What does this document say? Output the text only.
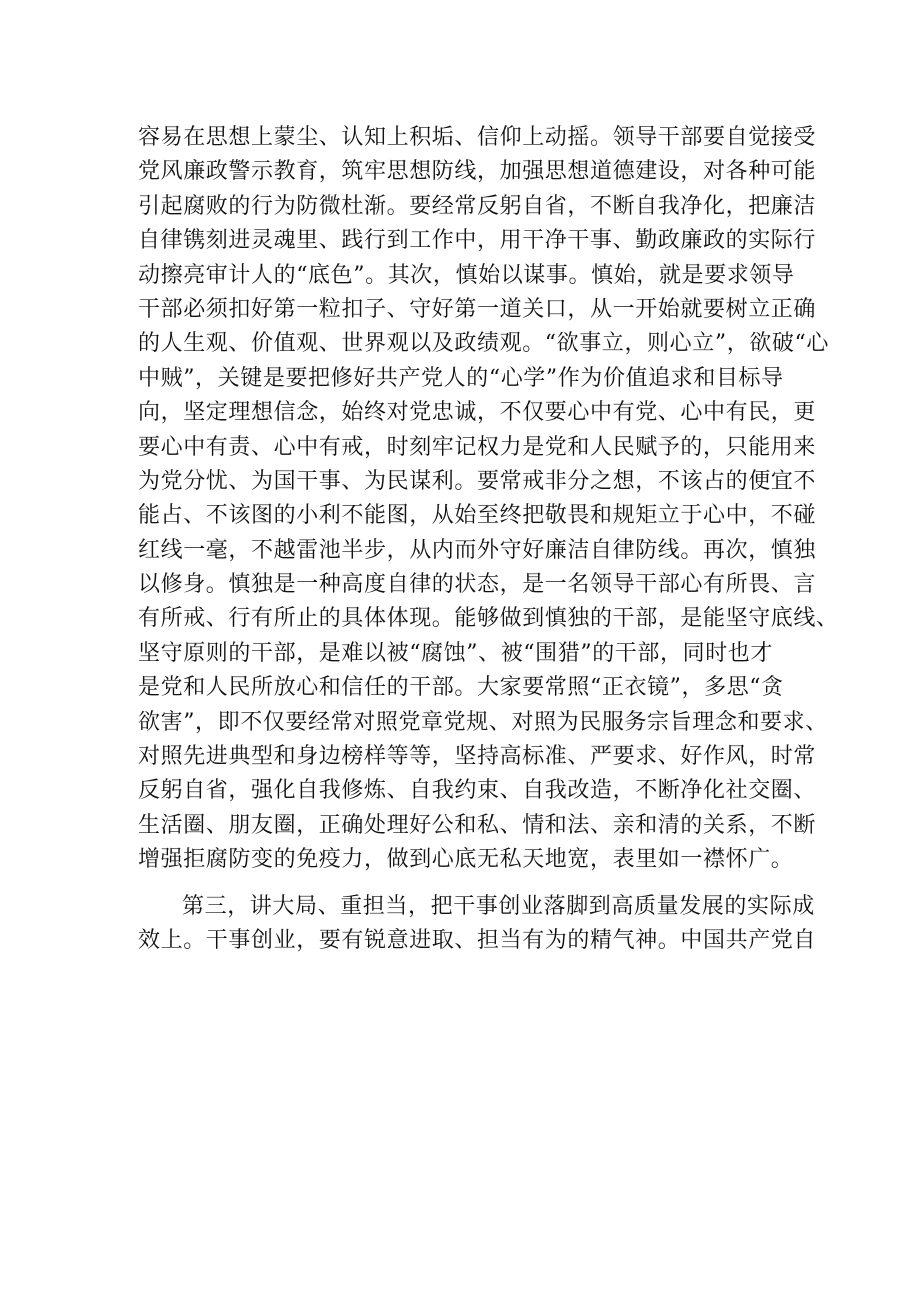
容易在思想上蒙尘、认知上积垢、信仰上动摇。领导干部要自觉接受
党风廉政警示教育，筑牢思想防线，加强思想道德建设，对各种可能
引起腐败的行为防微杜渐。要经常反躬自省，不断自我净化，把廉洁
自律镌刻进灵魂里、践行到工作中，用干净干事、勤政廉政的实际行
动擦亮审计人的“底色”。其次，慎始以谋事。慎始，就是要求领导
干部必须扣好第一粒扣子、守好第一道关口，从一开始就要树立正确
的人生观、价值观、世界观以及政绩观。“欲事立，则心立”，欲破“心
中贼”，关键是要把修好共产党人的“心学”作为价值追求和目标导
向，坚定理想信念，始终对党忠诚，不仅要心中有党、心中有民，更
要心中有责、心中有戒，时刻牢记权力是党和人民赋予的，只能用来
为党分忧、为国干事、为民谋利。要常戒非分之想，不该占的便宜不
能占、不该图的小利不能图，从始至终把敬畏和规矩立于心中，不碰
红线一毫，不越雷池半步，从内而外守好廉洁自律防线。再次，慎独
以修身。慎独是一种高度自律的状态，是一名领导干部心有所畏、言
有所戒、行有所止的具体体现。能够做到慎独的干部，是能坚守底线、
坚守原则的干部，是难以被“腐蚀”、被“围猎”的干部，同时也才
是党和人民所放心和信任的干部。大家要常照“正衣镜”，多思“贪
欲害”，即不仅要经常对照党章党规、对照为民服务宗旨理念和要求、
对照先进典型和身边榜样等等，坚持高标准、严要求、好作风，时常
反躬自省，强化自我修炼、自我约束、自我改造，不断净化社交圈、
生活圈、朋友圈，正确处理好公和私、情和法、亲和清的关系，不断
增强拒腐防变的免疫力，做到心底无私天地宽，表里如一襟怀广。
第三，讲大局、重担当，把干事创业落脚到高质量发展的实际成
效上。干事创业，要有锐意进取、担当有为的精气神。中国共产党自
